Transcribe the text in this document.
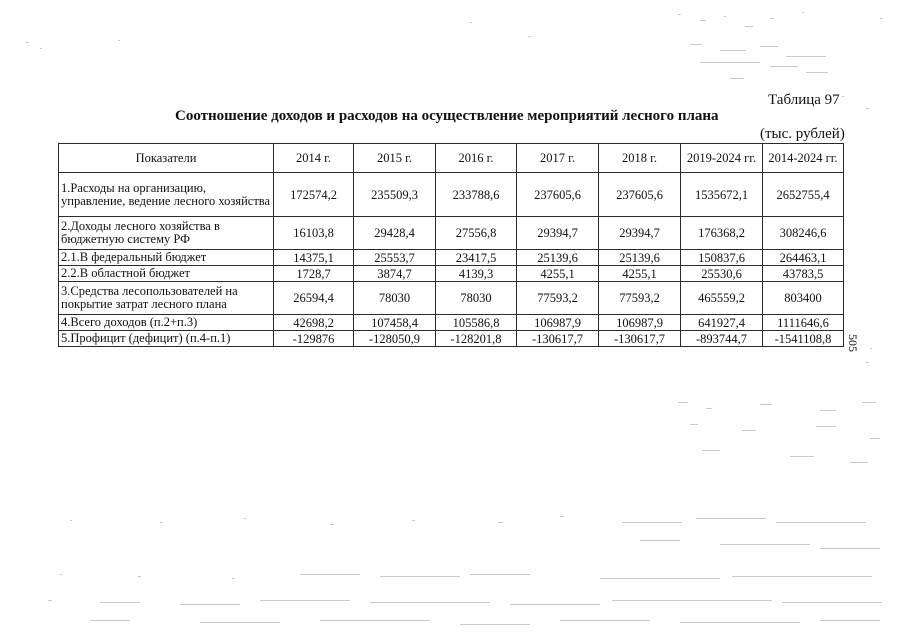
Таблица 97
Соотношение доходов и расходов на осуществление мероприятий лесного плана
(тыс. рублей)
505
Показатели	2014 г.	2015 г.	2016 г.	2017 г.	2018 г.	2019-2024 гг.	2014-2024 гг.
1.Расходы на организацию, управление, ведение лесного хозяйства	172574,2	235509,3	233788,6	237605,6	237605,6	1535672,1	2652755,4
2.Доходы лесного хозяйства в бюджетную систему РФ	16103,8	29428,4	27556,8	29394,7	29394,7	176368,2	308246,6
2.1.В федеральный бюджет	14375,1	25553,7	23417,5	25139,6	25139,6	150837,6	264463,1
2.2.В областной бюджет	1728,7	3874,7	4139,3	4255,1	4255,1	25530,6	43783,5
3.Средства лесопользователей на покрытие затрат лесного плана	26594,4	78030	78030	77593,2	77593,2	465559,2	803400
4.Всего доходов (п.2+п.3)	42698,2	107458,4	105586,8	106987,9	106987,9	641927,4	1111646,6
5.Профицит (дефицит) (п.4-п.1)	-129876	-128050,9	-128201,8	-130617,7	-130617,7	-893744,7	-1541108,8
